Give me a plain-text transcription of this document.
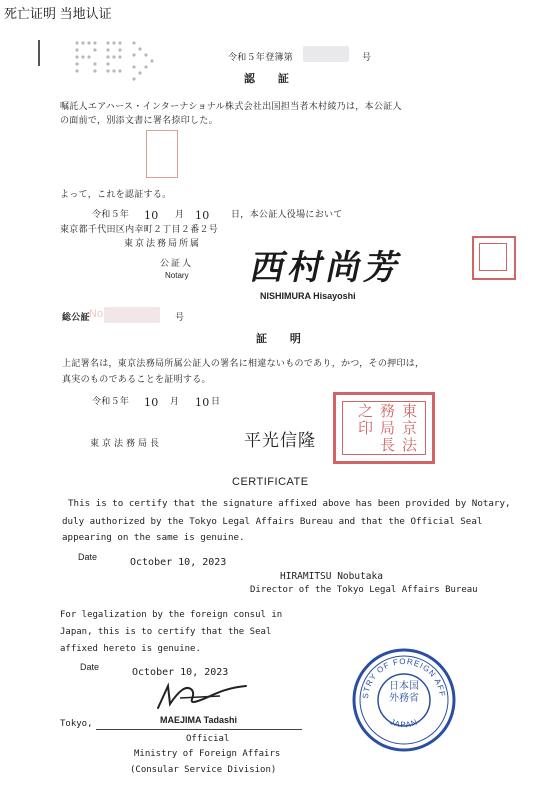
死亡证明 当地认证
令和５年登簿第	号
認　　証
嘱託人エアハース・インターナショナル株式会社出国担当者木村綾乃は，本公証人
の面前で，別添文書に署名捺印した。
よって，これを認証する。
令和５年 10 月 10 日，本公証人役場において
東京都千代田区内幸町２丁目２番２号
東京法務局所属
公証人
Notary 西村尚芳
NISHIMURA Hisayoshi
総公証 No	号
証　　明
上記署名は，東京法務局所属公証人の署名に相違ないものであり，かつ，その押印は，
真実のものであることを証明する。
令和５年 10 月 10 日
東京法務局長	平光信隆	東京法務局長之印
CERTIFICATE
This is to certify that the signature affixed above has been provided by Notary,
duly authorized by the Tokyo Legal Affairs Bureau and that the Official Seal
appearing on the same is genuine.
Date	October 10, 2023
HIRAMITSU Nobutaka
Director of the Tokyo Legal Affairs Bureau
For legalization by the foreign consul in
Japan, this is to certify that the Seal
affixed hereto is genuine.
Date	October 10, 2023
Tokyo,	MAEJIMA Tadashi
Official
Ministry of Foreign Affairs
(Consular Service Division)
MINISTRY OF FOREIGN AFFAIRS
JAPAN
日本国外務省
